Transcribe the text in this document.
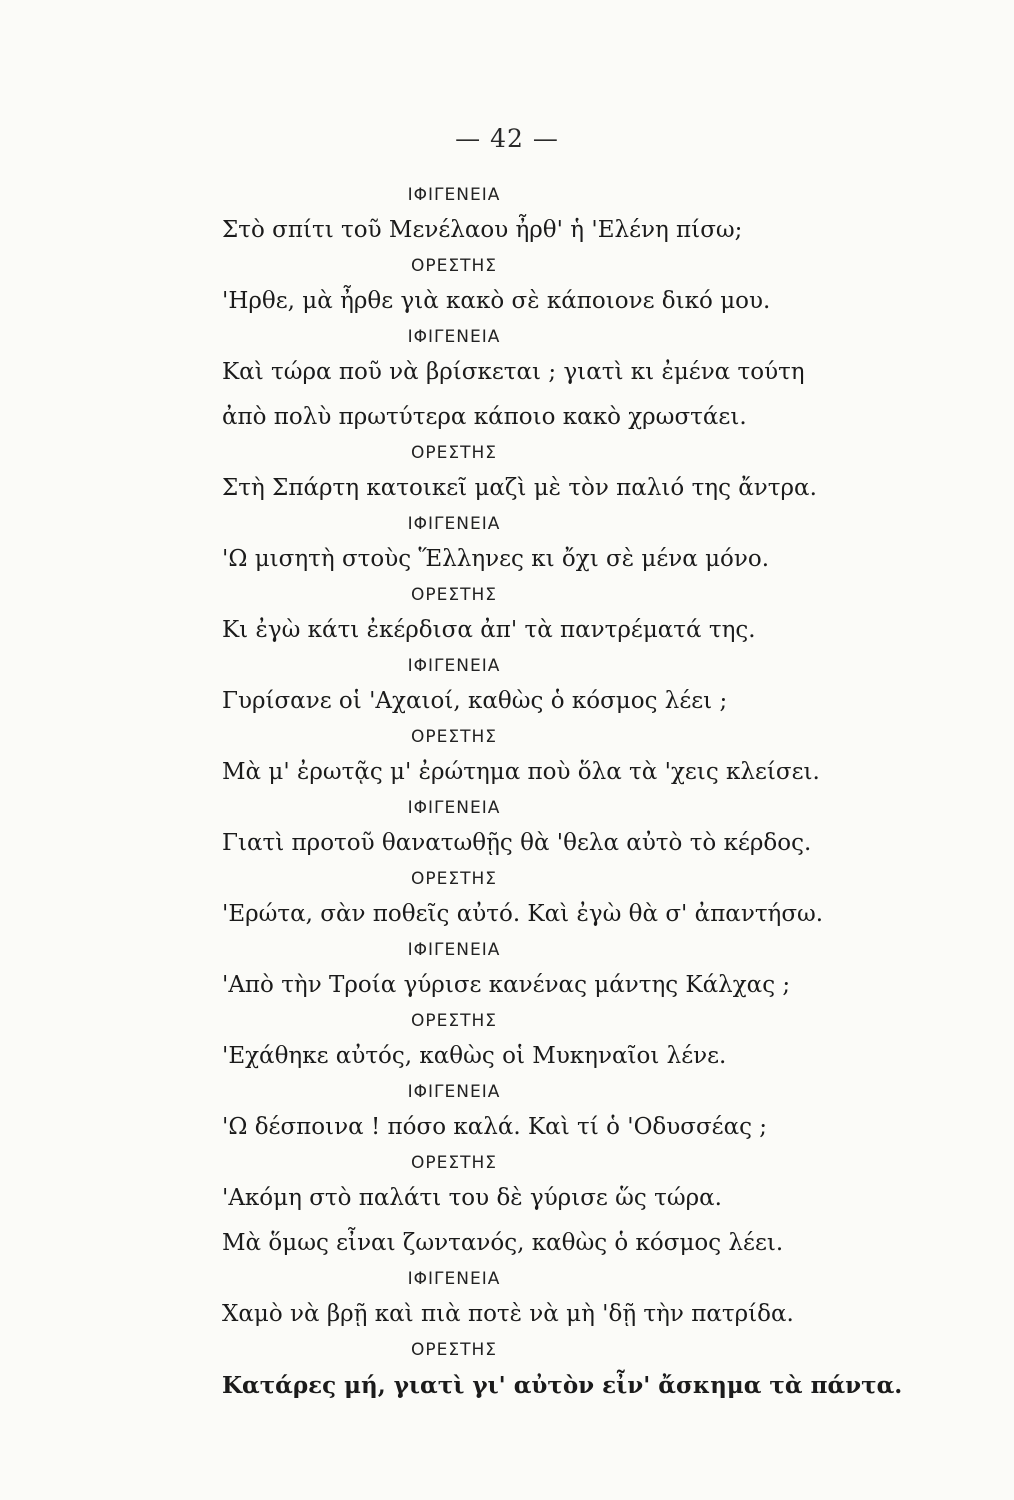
— 42 —
ΙΦΙΓΕΝΕΙΑ
Στὸ σπίτι τοῦ Μενέλαου ἦρθ' ἡ 'Ελένη πίσω;
ΟΡΕΣΤΗΣ
'Ηρθε, μὰ ἦρθε γιὰ κακὸ σὲ κάποιονε δικό μου.
ΙΦΙΓΕΝΕΙΑ
Καὶ τώρα ποῦ νὰ βρίσκεται ; γιατὶ κι ἐμένα τούτη
ἀπὸ πολὺ πρωτύτερα κάποιο κακὸ χρωστάει.
ΟΡΕΣΤΗΣ
Στὴ Σπάρτη κατοικεῖ μαζὶ μὲ τὸν παλιό της ἄντρα.
ΙΦΙΓΕΝΕΙΑ
'Ω μισητὴ στοὺς Ἕλληνες κι ὄχι σὲ μένα μόνο.
ΟΡΕΣΤΗΣ
Κι ἐγὼ κάτι ἐκέρδισα ἀπ' τὰ παντρέματά της.
ΙΦΙΓΕΝΕΙΑ
Γυρίσανε οἱ 'Αχαιοί, καθὼς ὁ κόσμος λέει ;
ΟΡΕΣΤΗΣ
Μὰ μ' ἐρωτᾷς μ' ἐρώτημα ποὺ ὅλα τὰ 'χεις κλείσει.
ΙΦΙΓΕΝΕΙΑ
Γιατὶ προτοῦ θανατωθῇς θὰ 'θελα αὐτὸ τὸ κέρδος.
ΟΡΕΣΤΗΣ
'Ερώτα, σὰν ποθεῖς αὐτό. Καὶ ἐγὼ θὰ σ' ἀπαντήσω.
ΙΦΙΓΕΝΕΙΑ
'Απὸ τὴν Τροία γύρισε κανένας μάντης Κάλχας ;
ΟΡΕΣΤΗΣ
'Εχάθηκε αὐτός, καθὼς οἱ Μυκηναῖοι λένε.
ΙΦΙΓΕΝΕΙΑ
'Ω δέσποινα ! πόσο καλά. Καὶ τί ὁ 'Οδυσσέας ;
ΟΡΕΣΤΗΣ
'Ακόμη στὸ παλάτι του δὲ γύρισε ὥς τώρα.
Μὰ ὅμως εἶναι ζωντανός, καθὼς ὁ κόσμος λέει.
ΙΦΙΓΕΝΕΙΑ
Χαμὸ νὰ βρῇ καὶ πιὰ ποτὲ νὰ μὴ 'δῇ τὴν πατρίδα.
ΟΡΕΣΤΗΣ
Κατάρες μή, γιατὶ γι' αὐτὸν εἶν' ἄσκημα τὰ πάντα.
